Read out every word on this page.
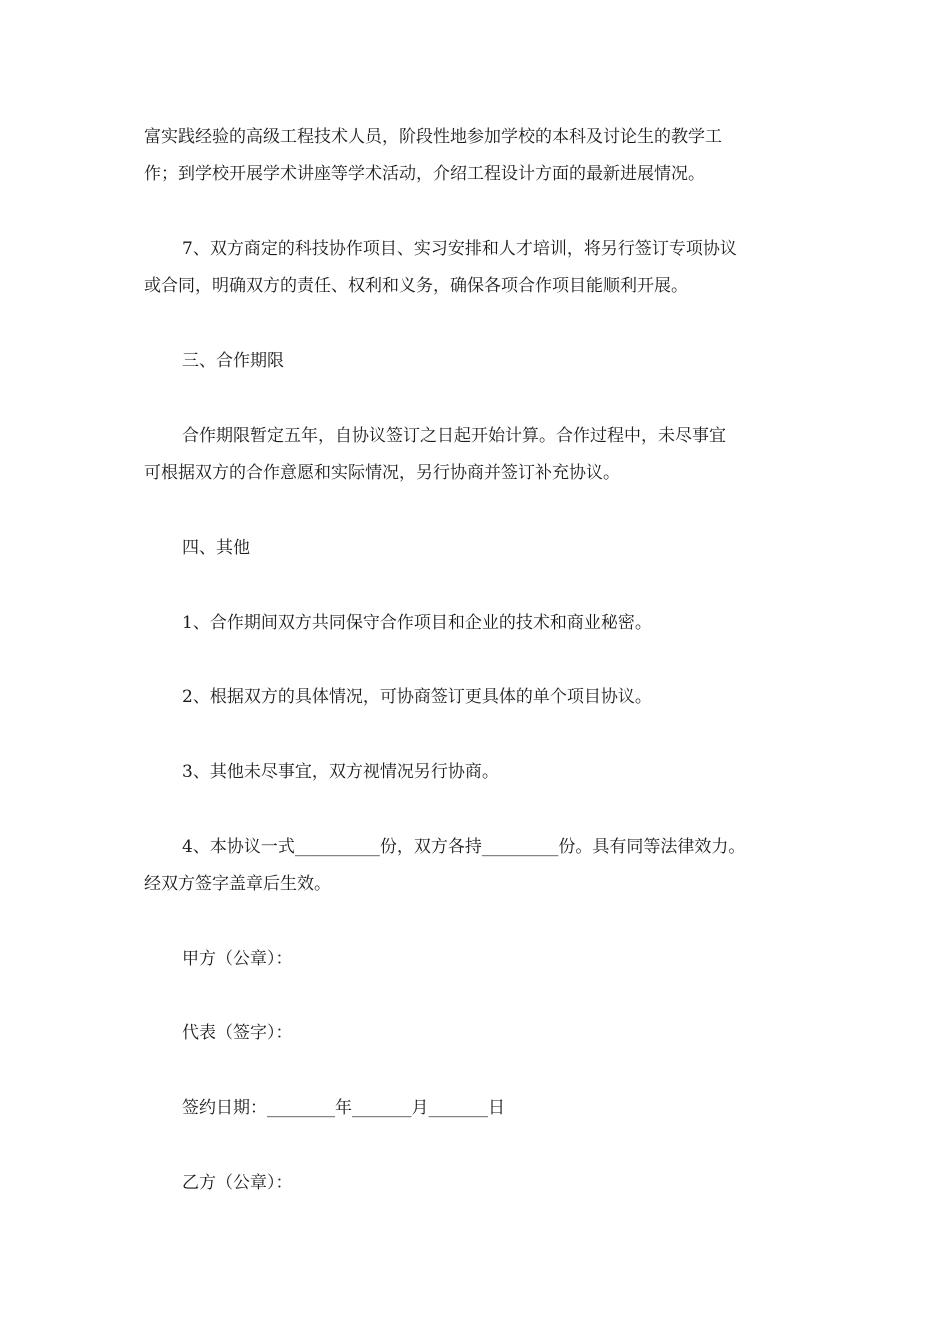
富实践经验的高级工程技术人员，阶段性地参加学校的本科及讨论生的教学工
作；到学校开展学术讲座等学术活动，介绍工程设计方面的最新进展情况。
7、双方商定的科技协作项目、实习安排和人才培训，将另行签订专项协议
或合同，明确双方的责任、权利和义务，确保各项合作项目能顺利开展。
三、合作期限
合作期限暂定五年，自协议签订之日起开始计算。合作过程中，未尽事宜
可根据双方的合作意愿和实际情况，另行协商并签订补充协议。
四、其他
1、合作期间双方共同保守合作项目和企业的技术和商业秘密。
2、根据双方的具体情况，可协商签订更具体的单个项目协议。
3、其他未尽事宜，双方视情况另行协商。
4、本协议一式__________份，双方各持_________份。具有同等法律效力。
经双方签字盖章后生效。
甲方（公章）：
代表（签字）：
签约日期：________年_______月_______日
乙方（公章）：
